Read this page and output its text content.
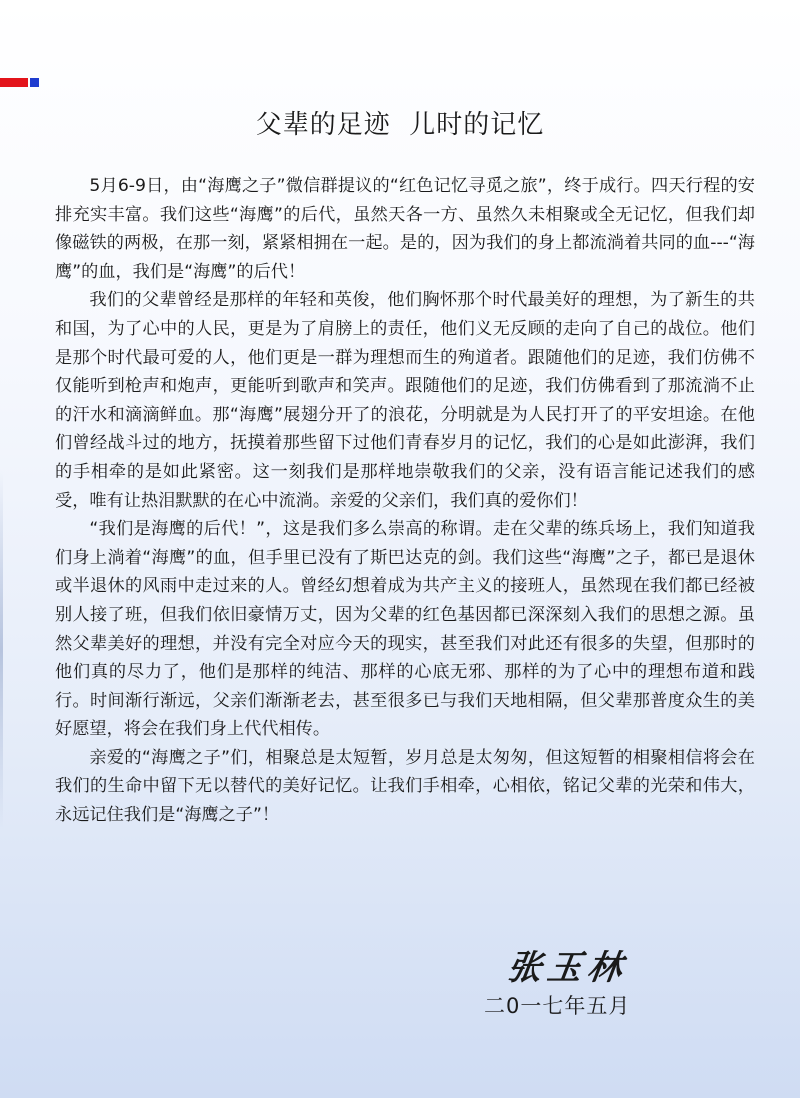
父辈的足迹  儿时的记忆

5月6-9日，由“海鹰之子”微信群提议的“红色记忆寻觅之旅”，终于成行。四天行程的安排充实丰富。我们这些“海鹰”的后代，虽然天各一方、虽然久未相聚或全无记忆，但我们却像磁铁的两极，在那一刻，紧紧相拥在一起。是的，因为我们的身上都流淌着共同的血---“海鹰”的血，我们是“海鹰”的后代！

我们的父辈曾经是那样的年轻和英俊，他们胸怀那个时代最美好的理想，为了新生的共和国，为了心中的人民，更是为了肩膀上的责任，他们义无反顾的走向了自己的战位。他们是那个时代最可爱的人，他们更是一群为理想而生的殉道者。跟随他们的足迹，我们仿佛不仅能听到枪声和炮声，更能听到歌声和笑声。跟随他们的足迹，我们仿佛看到了那流淌不止的汗水和滴滴鲜血。那“海鹰”展翅分开了的浪花，分明就是为人民打开了的平安坦途。在他们曾经战斗过的地方，抚摸着那些留下过他们青春岁月的记忆，我们的心是如此澎湃，我们的手相牵的是如此紧密。这一刻我们是那样地崇敬我们的父亲，没有语言能记述我们的感受，唯有让热泪默默的在心中流淌。亲爱的父亲们，我们真的爱你们！

“我们是海鹰的后代！”，这是我们多么崇高的称谓。走在父辈的练兵场上，我们知道我们身上淌着“海鹰”的血，但手里已没有了斯巴达克的剑。我们这些“海鹰”之子，都已是退休或半退休的风雨中走过来的人。曾经幻想着成为共产主义的接班人，虽然现在我们都已经被别人接了班，但我们依旧豪情万丈，因为父辈的红色基因都已深深刻入我们的思想之源。虽然父辈美好的理想，并没有完全对应今天的现实，甚至我们对此还有很多的失望，但那时的他们真的尽力了，他们是那样的纯洁、那样的心底无邪、那样的为了心中的理想布道和践行。时间渐行渐远，父亲们渐渐老去，甚至很多已与我们天地相隔，但父辈那普度众生的美好愿望，将会在我们身上代代相传。

亲爱的“海鹰之子”们，相聚总是太短暂，岁月总是太匆匆，但这短暂的相聚相信将会在我们的生命中留下无以替代的美好记忆。让我们手相牵，心相依，铭记父辈的光荣和伟大，永远记住我们是“海鹰之子”！

张玉林
二0一七年五月
